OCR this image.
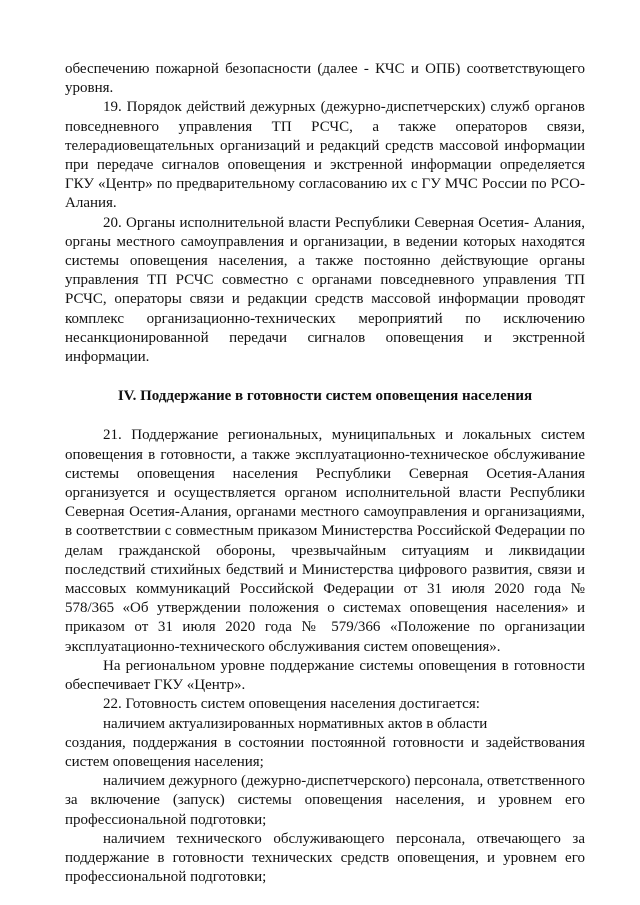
обеспечению пожарной безопасности (далее - КЧС и ОПБ) соответствующего уровня.

19. Порядок действий дежурных (дежурно-диспетчерских) служб органов повседневного управления ТП РСЧС, а также операторов связи, телерадиовещательных организаций и редакций средств массовой информации при передаче сигналов оповещения и экстренной информации определяется ГКУ «Центр» по предварительному согласованию их с ГУ МЧС России по РСО-Алания.

20. Органы исполнительной власти Республики Северная Осетия- Алания, органы местного самоуправления и организации, в ведении которых находятся системы оповещения населения, а также постоянно действующие органы управления ТП РСЧС совместно с органами повседневного управления ТП РСЧС, операторы связи и редакции средств массовой информации проводят комплекс организационно-технических мероприятий по исключению несанкционированной передачи сигналов оповещения и экстренной информации.

IV. Поддержание в готовности систем оповещения населения

21. Поддержание региональных, муниципальных и локальных систем оповещения в готовности, а также эксплуатационно-техническое обслуживание системы оповещения населения Республики Северная Осетия-Алания организуется и осуществляется органом исполнительной власти Республики Северная Осетия-Алания, органами местного самоуправления и организациями, в соответствии с совместным приказом Министерства Российской Федерации по делам гражданской обороны, чрезвычайным ситуациям и ликвидации последствий стихийных бедствий и Министерства цифрового развития, связи и массовых коммуникаций Российской Федерации от 31 июля 2020 года № 578/365 «Об утверждении положения о системах оповещения населения» и приказом от 31 июля 2020 года № 579/366 «Положение по организации эксплуатационно-технического обслуживания систем оповещения».

На региональном уровне поддержание системы оповещения в готовности обеспечивает ГКУ «Центр».

22. Готовность систем оповещения населения достигается:

наличием актуализированных нормативных актов в области

создания, поддержания в состоянии постоянной готовности и задействования систем оповещения населения;

наличием дежурного (дежурно-диспетчерского) персонала, ответственного за включение (запуск) системы оповещения населения, и уровнем его профессиональной подготовки;

наличием технического обслуживающего персонала, отвечающего за поддержание в готовности технических средств оповещения, и уровнем его профессиональной подготовки;
